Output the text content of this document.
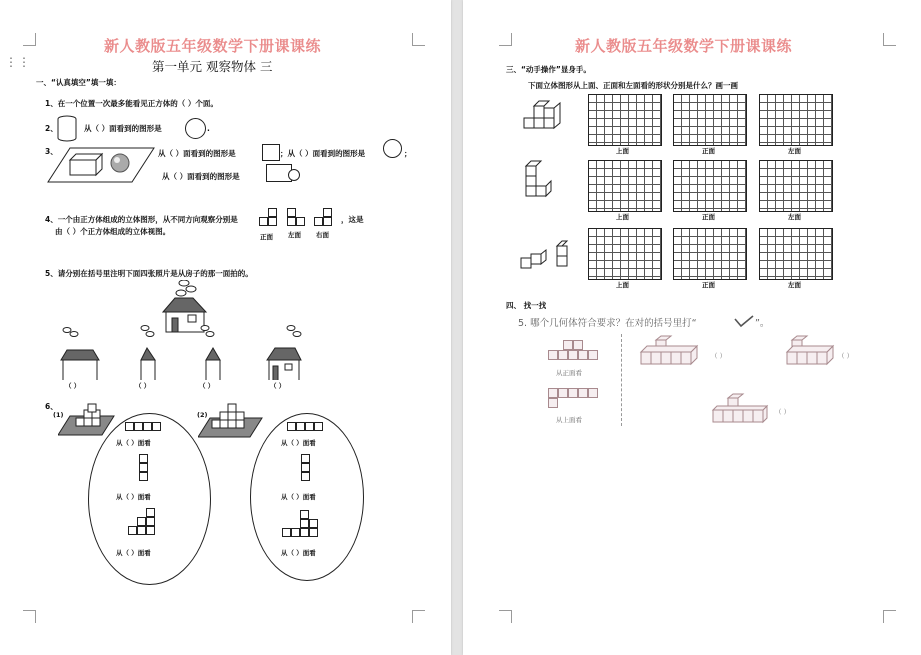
⋮⋮
新人教版五年级数学下册课课练
第一单元 观察物体 三
一、“认真填空”填一填：
1、在一个位置一次最多能看见正方体的（ ）个面。
2、	从（ ）面看到的图形是	.
3、	从（ ）面看到的图形是	；从（ ）面看到的图形是	；
从（ ）面看到的图形是
4、一个由正方体组成的立体图形，从不同方向观察分别是	，这是
由（ ）个正方体组成的立体视图。
正面 左面 右面
5、请分别在括号里注明下面四张照片是从房子的那一面拍的。
（ ）	（ ）	（ ）	（ ）
6、
(1)	(2)
从（ ）面看
从（ ）面看
从（ ）面看
从（ ）面看
从（ ）面看
从（ ）面看
新人教版五年级数学下册课课练
三、“动手操作”显身手。
下面立体图形从上面、正面和左面看的形状分别是什么？画一画
上面	正面	左面
上面	正面	左面
上面	正面	左面
四、 找一找
5. 哪个几何体符合要求？在对的括号里打“	”。
从正面看
从上面看
（ ）	（ ）
（ ）
